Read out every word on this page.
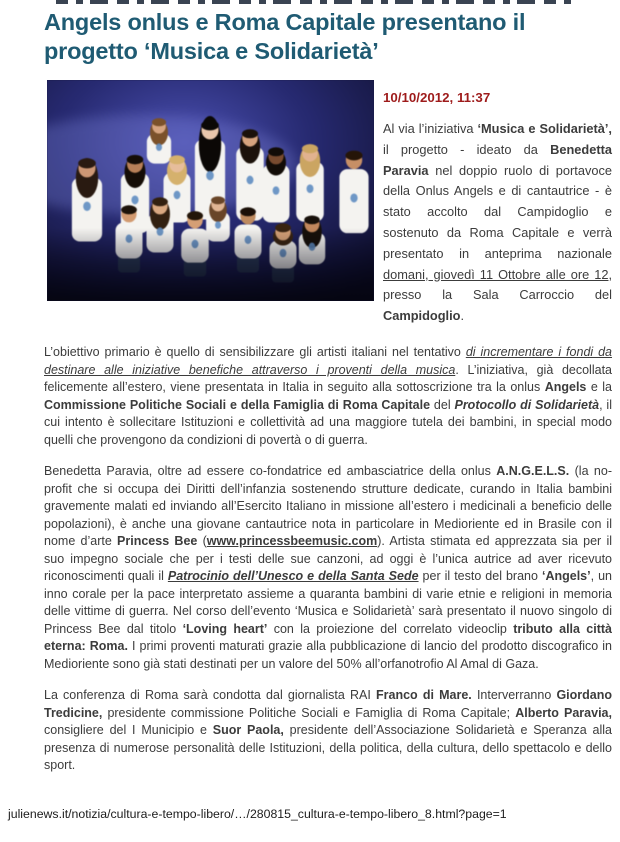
Angels onlus e Roma Capitale presentano il
progetto ‘Musica e Solidarietà’
10/10/2012, 11:37

Al via l’iniziativa ‘Musica e Solidarietà’, il progetto - ideato da Benedetta Paravia nel doppio ruolo di portavoce della Onlus Angels e di cantautrice - è stato accolto dal Campidoglio e sostenuto da Roma Capitale e verrà presentato in anteprima nazionale domani, giovedì 11 Ottobre alle ore 12, presso la Sala Carroccio del Campidoglio.

L’obiettivo primario è quello di sensibilizzare gli artisti italiani nel tentativo di incrementare i fondi da destinare alle iniziative benefiche attraverso i proventi della musica. L’iniziativa, già decollata felicemente all’estero, viene presentata in Italia in seguito alla sottoscrizione tra la onlus Angels e la Commissione Politiche Sociali e della Famiglia di Roma Capitale del Protocollo di Solidarietà, il cui intento è sollecitare Istituzioni e collettività ad una maggiore tutela dei bambini, in special modo quelli che provengono da condizioni di povertà o di guerra.

Benedetta Paravia, oltre ad essere co-fondatrice ed ambasciatrice della onlus A.N.G.E.L.S. (la no-profit che si occupa dei Diritti dell’infanzia sostenendo strutture dedicate, curando in Italia bambini gravemente malati ed inviando all’Esercito Italiano in missione all’estero i medicinali a beneficio delle popolazioni), è anche una giovane cantautrice nota in particolare in Medioriente ed in Brasile con il nome d’arte Princess Bee (www.princessbeemusic.com). Artista stimata ed apprezzata sia per il suo impegno sociale che per i testi delle sue canzoni, ad oggi è l’unica autrice ad aver ricevuto riconoscimenti quali il Patrocinio dell’Unesco e della Santa Sede per il testo del brano ‘Angels’, un inno corale per la pace interpretato assieme a quaranta bambini di varie etnie e religioni in memoria delle vittime di guerra. Nel corso dell’evento ‘Musica e Solidarietà’ sarà presentato il nuovo singolo di Princess Bee dal titolo ‘Loving heart’ con la proiezione del correlato videoclip tributo alla città eterna: Roma. I primi proventi maturati grazie alla pubblicazione di lancio del prodotto discografico in Medioriente sono già stati destinati per un valore del 50% all’orfanotrofio Al Amal di Gaza.

La conferenza di Roma sarà condotta dal giornalista RAI Franco di Mare. Interverranno Giordano Tredicine, presidente commissione Politiche Sociali e Famiglia di Roma Capitale; Alberto Paravia, consigliere del I Municipio e Suor Paola, presidente dell’Associazione Solidarietà e Speranza alla presenza di numerose personalità delle Istituzioni, della politica, della cultura, dello spettacolo e dello sport.

julienews.it/notizia/cultura-e-tempo-libero/…/280815_cultura-e-tempo-libero_8.html?page=1
